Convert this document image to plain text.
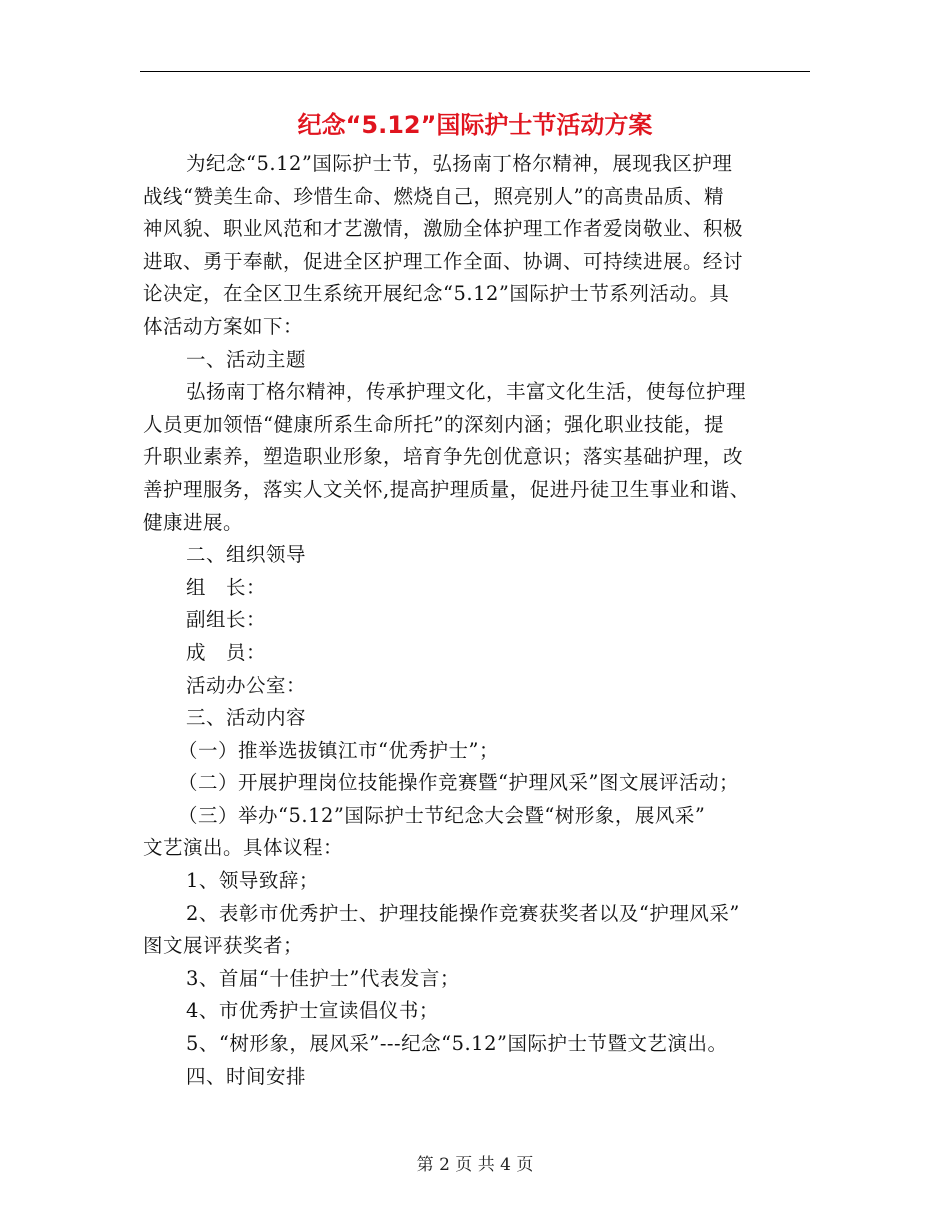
纪念“5.12”国际护士节活动方案

为纪念“5.12”国际护士节，弘扬南丁格尔精神，展现我区护理

战线“赞美生命、珍惜生命、燃烧自己，照亮别人”的高贵品质、精

神风貌、职业风范和才艺激情，激励全体护理工作者爱岗敬业、积极

进取、勇于奉献，促进全区护理工作全面、协调、可持续进展。经讨

论决定，在全区卫生系统开展纪念“5.12”国际护士节系列活动。具

体活动方案如下：

一、活动主题

弘扬南丁格尔精神，传承护理文化，丰富文化生活，使每位护理

人员更加领悟“健康所系生命所托”的深刻内涵；强化职业技能，提

升职业素养，塑造职业形象，培育争先创优意识；落实基础护理，改

善护理服务，落实人文关怀,提高护理质量，促进丹徒卫生事业和谐、

健康进展。

二、组织领导

组　长：

副组长：

成　员：

活动办公室：

三、活动内容

（一）推举选拔镇江市“优秀护士”；

（二）开展护理岗位技能操作竞赛暨“护理风采”图文展评活动；

（三）举办“5.12”国际护士节纪念大会暨“树形象，展风采”

文艺演出。具体议程：

1、领导致辞；

2、表彰市优秀护士、护理技能操作竞赛获奖者以及“护理风采”

图文展评获奖者；

3、首届“十佳护士”代表发言；

4、市优秀护士宣读倡仪书；

5、“树形象，展风采”---纪念“5.12”国际护士节暨文艺演出。

四、时间安排

第 2 页 共 4 页
